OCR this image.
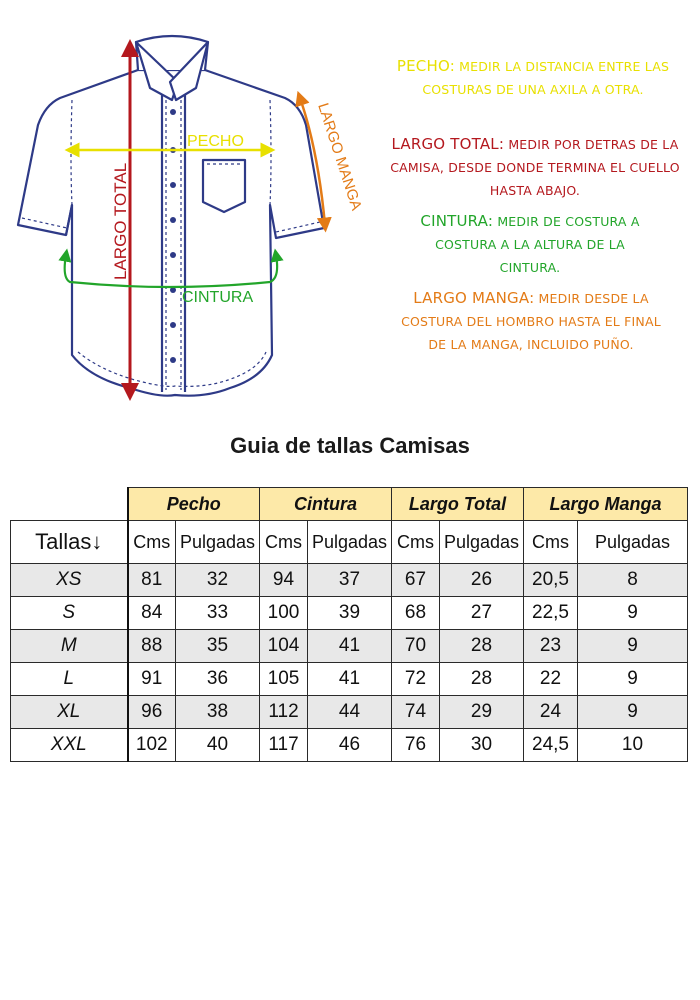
LARGO TOTAL
PECHO	LARGO MANGA
CINTURA
PECHO: MEDIR LA DISTANCIA ENTRE LAS COSTURAS DE UNA AXILA A OTRA.
LARGO TOTAL: MEDIR POR DETRAS DE LA CAMISA, DESDE DONDE TERMINA EL CUELLO HASTA ABAJO.
CINTURA: MEDIR DE COSTURA A COSTURA A LA ALTURA DE LA CINTURA.
LARGO MANGA: MEDIR DESDE LA COSTURA DEL HOMBRO HASTA EL FINAL DE LA MANGA, INCLUIDO PUÑO.
Guia de tallas Camisas
	Pecho		Cintura		Largo Total		Largo Manga	
Tallas↓	Cms	Pulgadas	Cms	Pulgadas	Cms	Pulgadas	Cms	Pulgadas
XS	81	32	94	37	67	26	20,5	8
S	84	33	100	39	68	27	22,5	9
M	88	35	104	41	70	28	23	9
L	91	36	105	41	72	28	22	9
XL	96	38	112	44	74	29	24	9
XXL	102	40	117	46	76	30	24,5	10
